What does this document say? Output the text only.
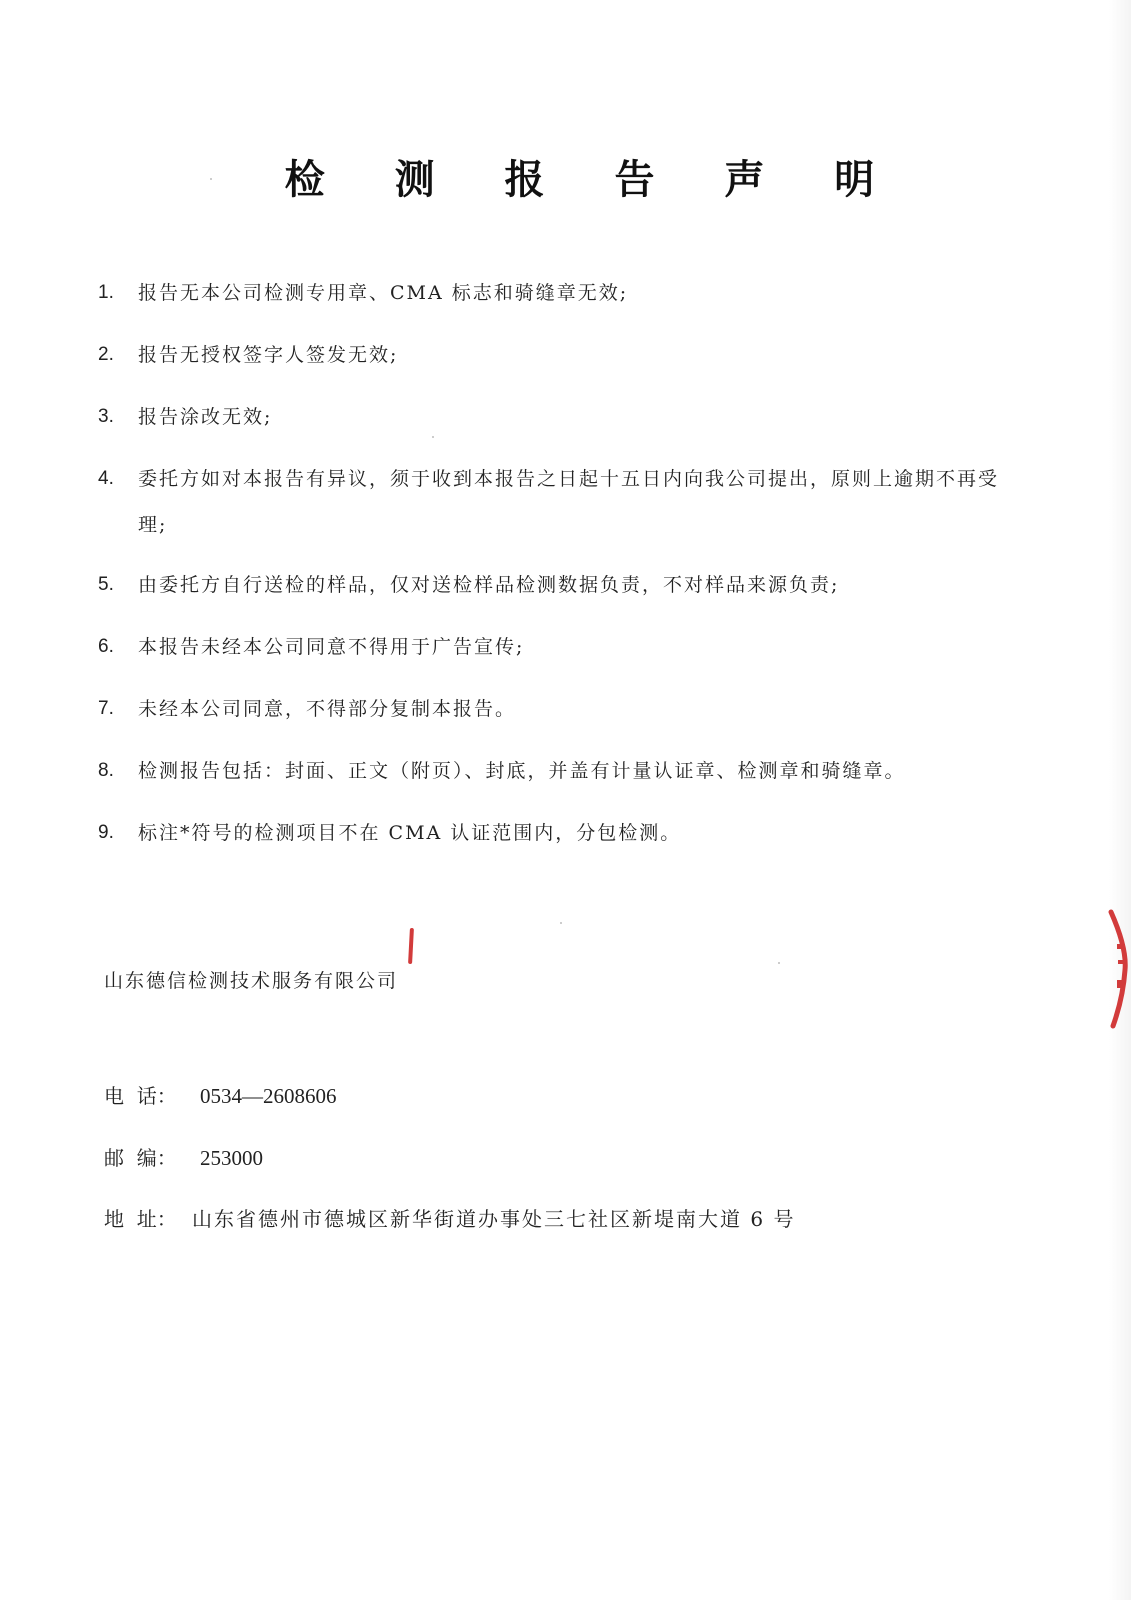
检 测 报 告 声 明
1.	报告无本公司检测专用章、CMA 标志和骑缝章无效;
2.	报告无授权签字人签发无效;
3.	报告涂改无效;
4.	委托方如对本报告有异议，须于收到本报告之日起十五日内向我公司提出，原则上逾期不再受理;
5.	由委托方自行送检的样品，仅对送检样品检测数据负责，不对样品来源负责;
6.	本报告未经本公司同意不得用于广告宣传;
7.	未经本公司同意，不得部分复制本报告。
8.	检测报告包括：封面、正文（附页）、封底，并盖有计量认证章、检测章和骑缝章。
9.	标注*符号的检测项目不在 CMA 认证范围内，分包检测。
山东德信检测技术服务有限公司
电  话：	0534—2608606
邮  编：	253000
地  址： 山东省德州市德城区新华街道办事处三七社区新堤南大道 6 号
